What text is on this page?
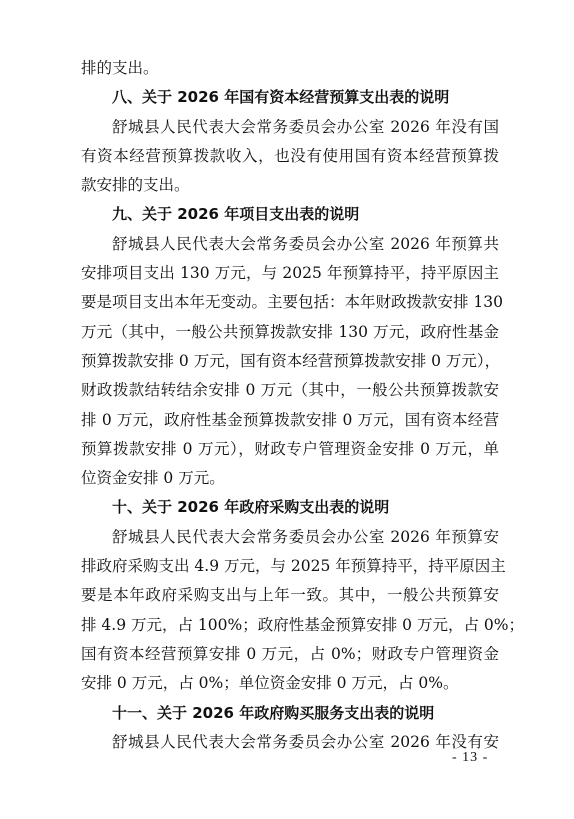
排的支出。
八、关于 2026 年国有资本经营预算支出表的说明
舒城县人民代表大会常务委员会办公室 2026 年没有国
有资本经营预算拨款收入，也没有使用国有资本经营预算拨
款安排的支出。
九、关于 2026 年项目支出表的说明
舒城县人民代表大会常务委员会办公室 2026 年预算共
安排项目支出 130 万元，与 2025 年预算持平，持平原因主
要是项目支出本年无变动。主要包括：本年财政拨款安排 130
万元（其中，一般公共预算拨款安排 130 万元，政府性基金
预算拨款安排 0 万元，国有资本经营预算拨款安排 0 万元），
财政拨款结转结余安排 0 万元（其中，一般公共预算拨款安
排 0 万元，政府性基金预算拨款安排 0 万元，国有资本经营
预算拨款安排 0 万元），财政专户管理资金安排 0 万元，单
位资金安排 0 万元。
十、关于 2026 年政府采购支出表的说明
舒城县人民代表大会常务委员会办公室 2026 年预算安
排政府采购支出 4.9 万元，与 2025 年预算持平，持平原因主
要是本年政府采购支出与上年一致。其中，一般公共预算安
排 4.9 万元，占 100%；政府性基金预算安排 0 万元，占 0%；
国有资本经营预算安排 0 万元，占 0%；财政专户管理资金
安排 0 万元，占 0%；单位资金安排 0 万元，占 0%。
十一、关于 2026 年政府购买服务支出表的说明
舒城县人民代表大会常务委员会办公室 2026 年没有安
- 13 -
